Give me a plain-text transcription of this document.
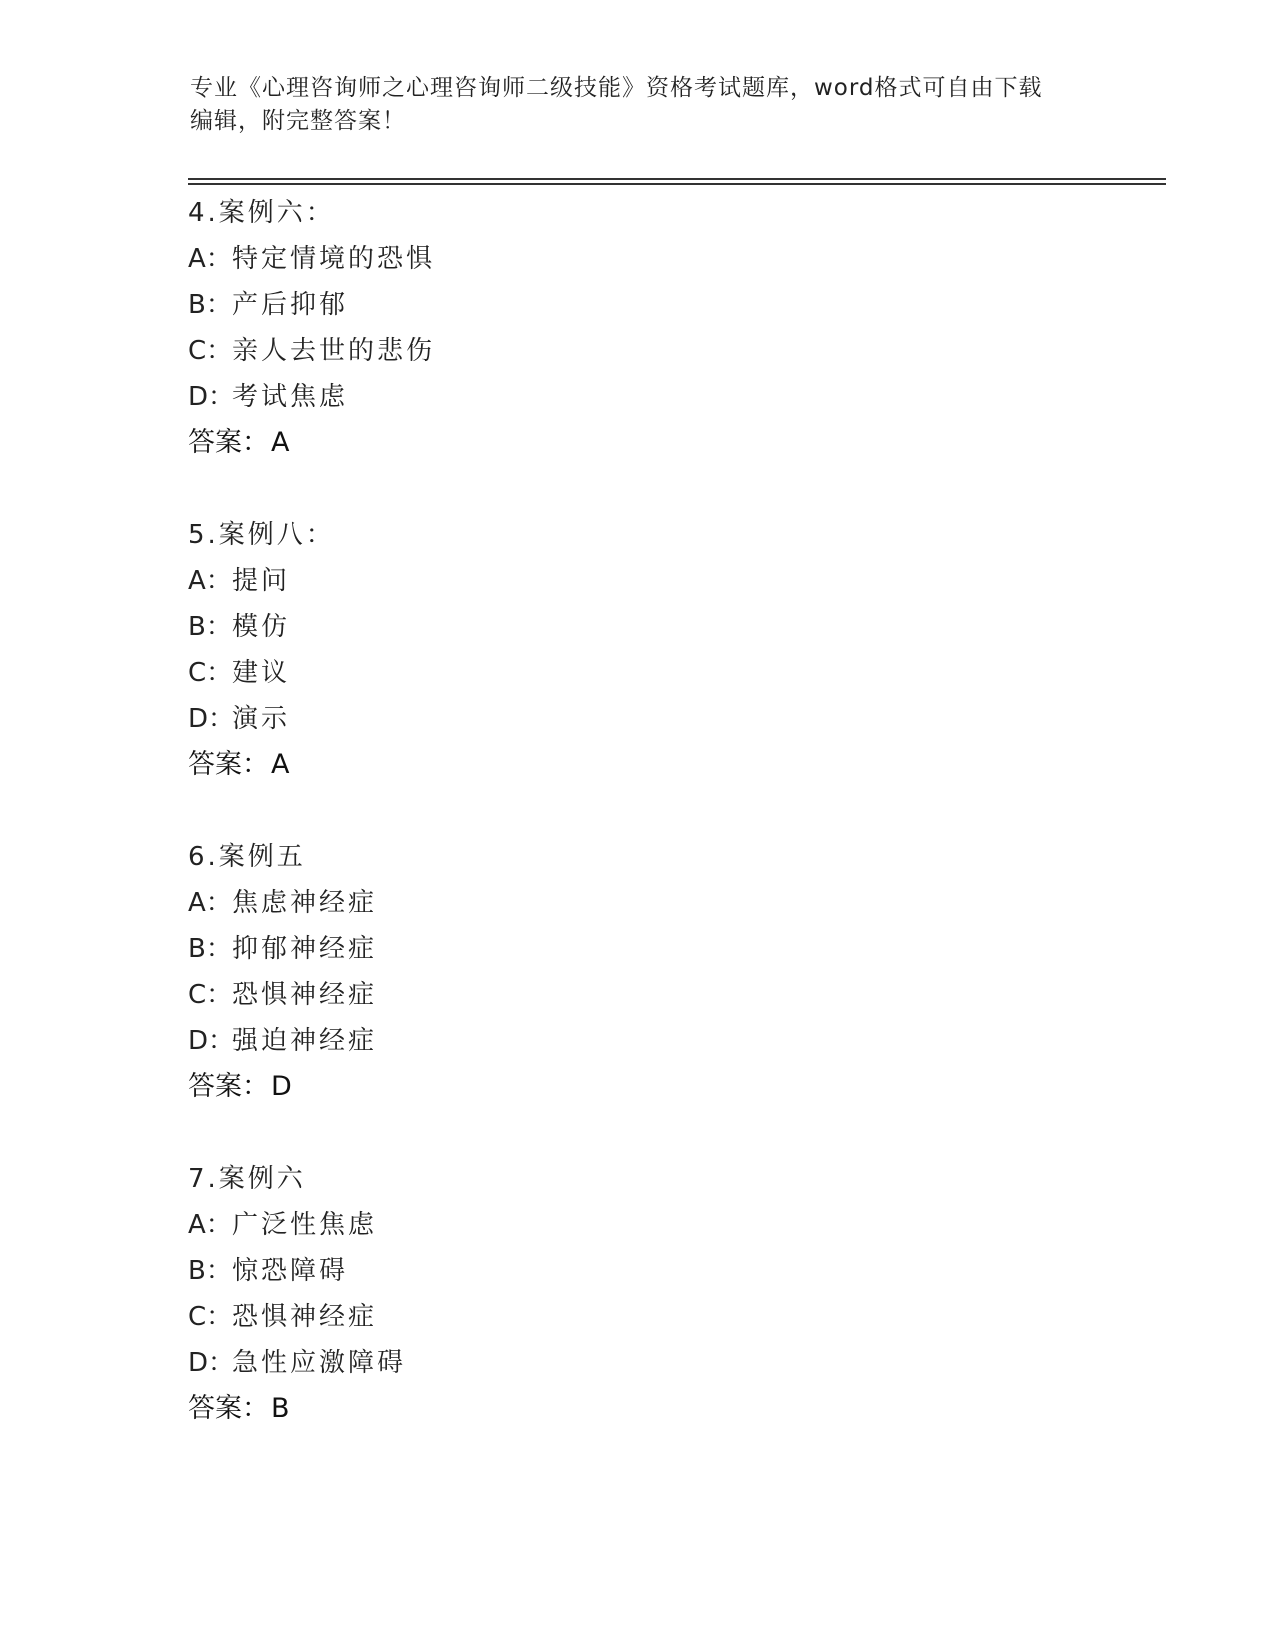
专业《心理咨询师之心理咨询师二级技能》资格考试题库，word格式可自由下载
编辑，附完整答案！
4.案例六：
A：特定情境的恐惧
B：产后抑郁
C：亲人去世的悲伤
D：考试焦虑
答案：A
5.案例八：
A：提问
B：模仿
C：建议
D：演示
答案：A
6.案例五
A：焦虑神经症
B：抑郁神经症
C：恐惧神经症
D：强迫神经症
答案：D
7.案例六
A：广泛性焦虑
B：惊恐障碍
C：恐惧神经症
D：急性应激障碍
答案：B
